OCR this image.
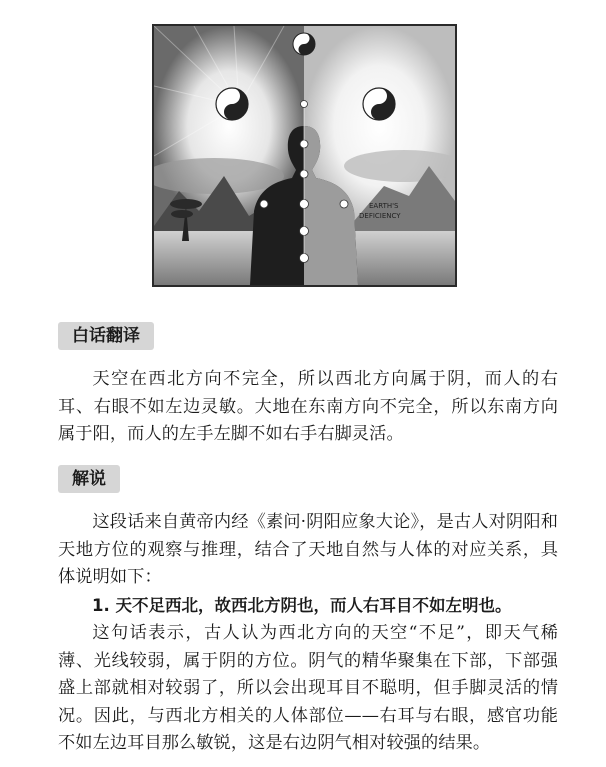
EARTH'S
DEFICIENCY
白话翻译

天空在西北方向不完全，所以西北方向属于阴，而人的右耳、右眼不如左边灵敏。大地在东南方向不完全，所以东南方向属于阳，而人的左手左脚不如右手右脚灵活。

解说

这段话来自黄帝内经《素问·阴阳应象大论》，是古人对阴阳和天地方位的观察与推理，结合了天地自然与人体的对应关系，具体说明如下：

1. 天不足西北，故西北方阴也，而人右耳目不如左明也。

这句话表示，古人认为西北方向的天空“不足”，即天气稀薄、光线较弱，属于阴的方位。阴气的精华聚集在下部，下部强盛上部就相对较弱了，所以会出现耳目不聪明，但手脚灵活的情况。因此，与西北方相关的人体部位——右耳与右眼，感官功能不如左边耳目那么敏锐，这是右边阴气相对较强的结果。
